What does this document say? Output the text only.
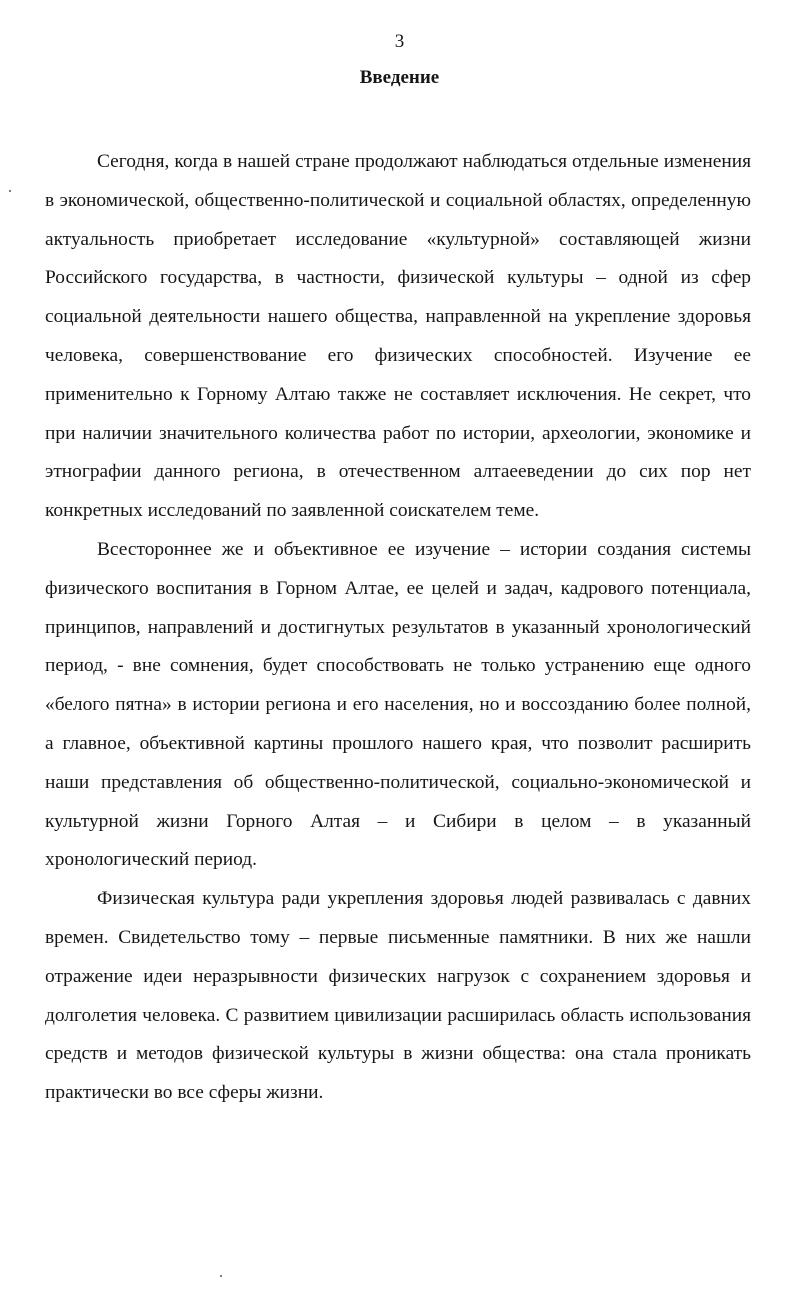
3
Введение

Сегодня, когда в нашей стране продолжают наблюдаться отдельные изменения в экономической, общественно-политической и социальной областях, определенную актуальность приобретает исследование «культурной» составляющей жизни Российского государства, в частности, физической культуры – одной из сфер социальной деятельности нашего общества, направленной на укрепление здоровья человека, совершенствование его физических способностей. Изучение ее применительно к Горному Алтаю также не составляет исключения. Не секрет, что при наличии значительного количества работ по истории, археологии, экономике и этнографии данного региона, в отечественном алтаееведении до сих пор нет конкретных исследований по заявленной соискателем теме.

Всестороннее же и объективное ее изучение – истории создания системы физического воспитания в Горном Алтае, ее целей и задач, кадрового потенциала, принципов, направлений и достигнутых результатов в указанный хронологический период, - вне сомнения, будет способствовать не только устранению еще одного «белого пятна» в истории региона и его населения, но и воссозданию более полной, а главное, объективной картины прошлого нашего края, что позволит расширить наши представления об общественно-политической, социально-экономической и культурной жизни Горного Алтая – и Сибири в целом – в указанный хронологический период.

Физическая культура ради укрепления здоровья людей развивалась с давних времен. Свидетельство тому – первые письменные памятники. В них же нашли отражение идеи неразрывности физических нагрузок с сохранением здоровья и долголетия человека. С развитием цивилизации расширилась область использования средств и методов физической культуры в жизни общества: она стала проникать практически во все сферы жизни.
